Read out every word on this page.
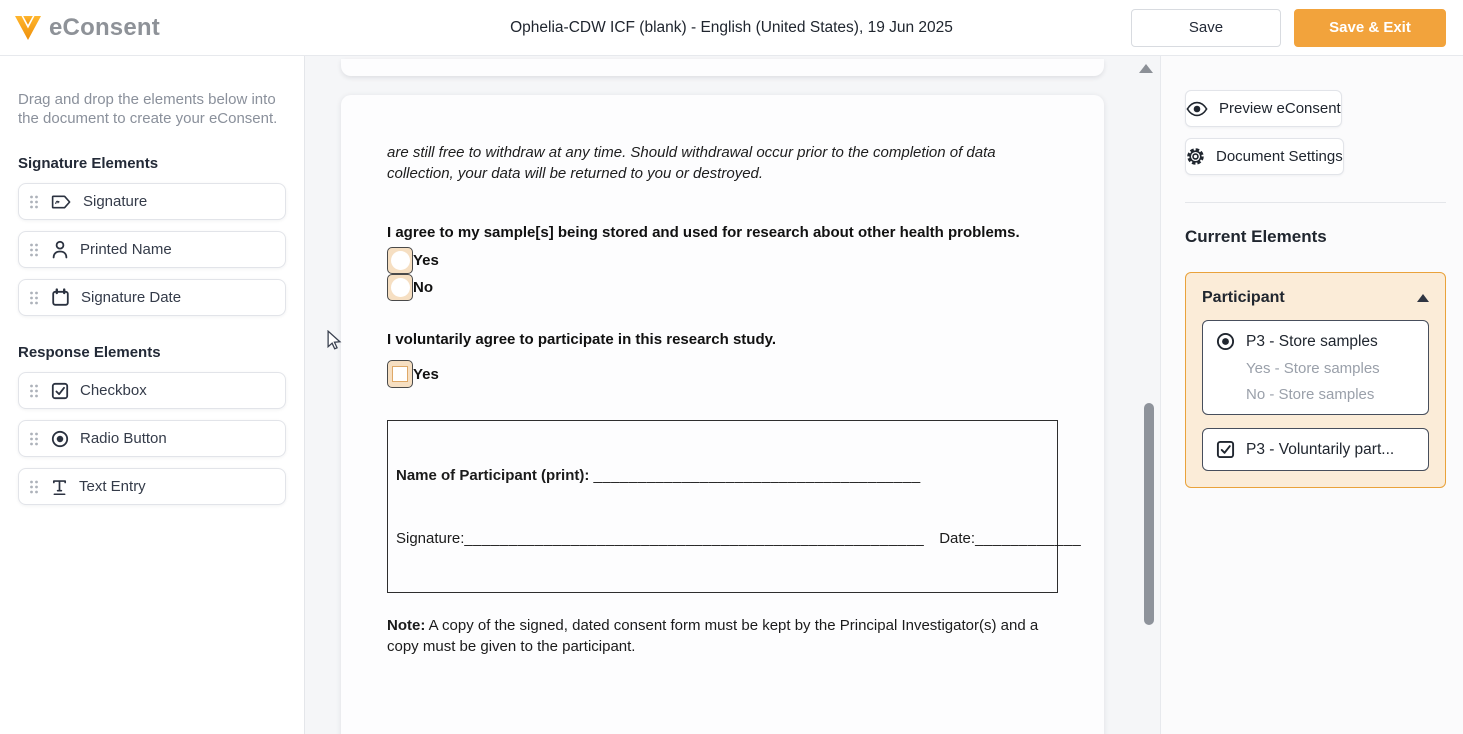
eConsent	Ophelia-CDW ICF (blank) - English (United States), 19 Jun 2025	Save	Save & Exit
Drag and drop the elements below into the document to create your eConsent.
Signature Elements
Signature
Printed Name
Signature Date
Response Elements
Checkbox
Radio Button
Text Entry
are still free to withdraw at any time. Should withdrawal occur prior to the completion of data collection, your data will be returned to you or destroyed.
I agree to my sample[s] being stored and used for research about other health problems.
Yes
No
I voluntarily agree to participate in this research study.
Yes
Name of Participant (print): _____________________________________
Signature: ____________________________________________________ Date: ____________
Note: A copy of the signed, dated consent form must be kept by the Principal Investigator(s) and a copy must be given to the participant.
Preview eConsent
Document Settings
Current Elements
Participant
P3 - Store samples
Yes - Store samples
No - Store samples
P3 - Voluntarily part...
